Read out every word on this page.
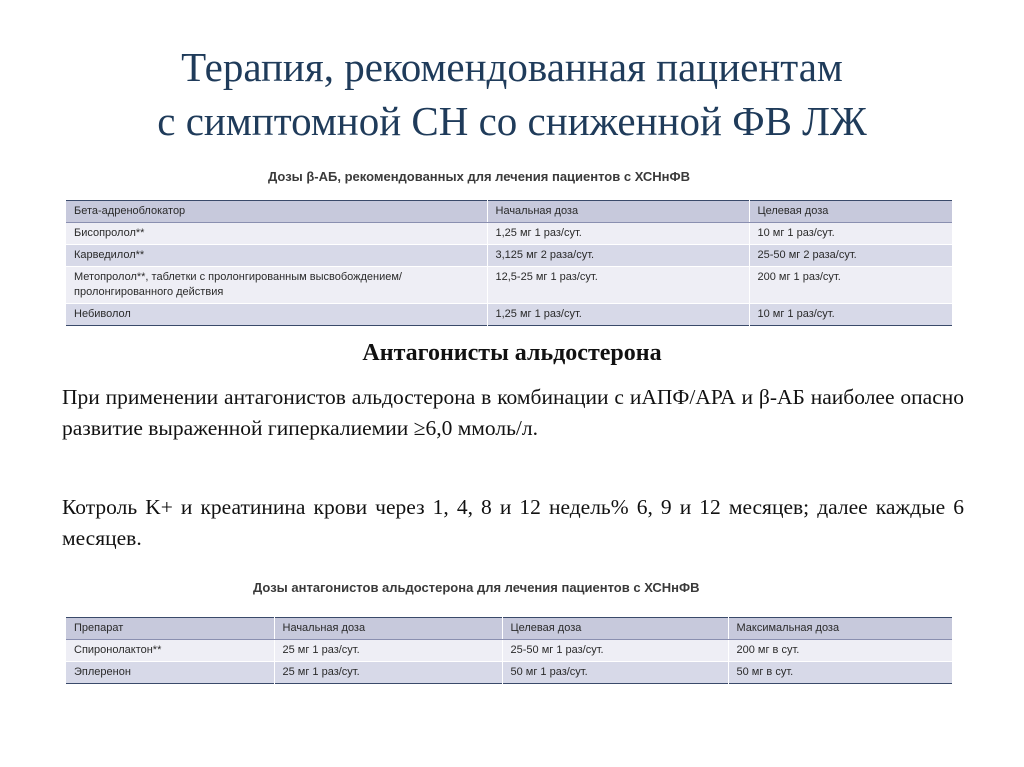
Терапия, рекомендованная пациентам
с симптомной СН со сниженной ФВ ЛЖ
Дозы β-АБ, рекомендованных для лечения пациентов с ХСНнФВ
Бета-адреноблокатор	Начальная доза	Целевая доза
Бисопролол**	1,25 мг 1 раз/сут.	10 мг 1 раз/сут.
Карведилол**	3,125 мг 2 раза/сут.	25-50 мг 2 раза/сут.
Метопролол**, таблетки с пролонгированным высвобождением/ пролонгированного действия	12,5-25 мг 1 раз/сут.	200 мг 1 раз/сут.
Небиволол	1,25 мг 1 раз/сут.	10 мг 1 раз/сут.
Антагонисты альдостерона

При применении антагонистов альдостерона в комбинации с иАПФ/АРА и β-АБ наиболее опасно развитие выраженной гиперкалиемии ≥6,0 ммоль/л.

Котроль K+ и креатинина крови через 1, 4, 8 и 12 недель% 6, 9 и 12 месяцев; далее каждые 6 месяцев.

Дозы антагонистов альдостерона для лечения пациентов с ХСНнФВ
Препарат	Начальная доза	Целевая доза	Максимальная доза
Спиронолактон**	25 мг 1 раз/сут.	25-50 мг 1 раз/сут.	200 мг в сут.
Эплеренон	25 мг 1 раз/сут.	50 мг 1 раз/сут.	50 мг в сут.
